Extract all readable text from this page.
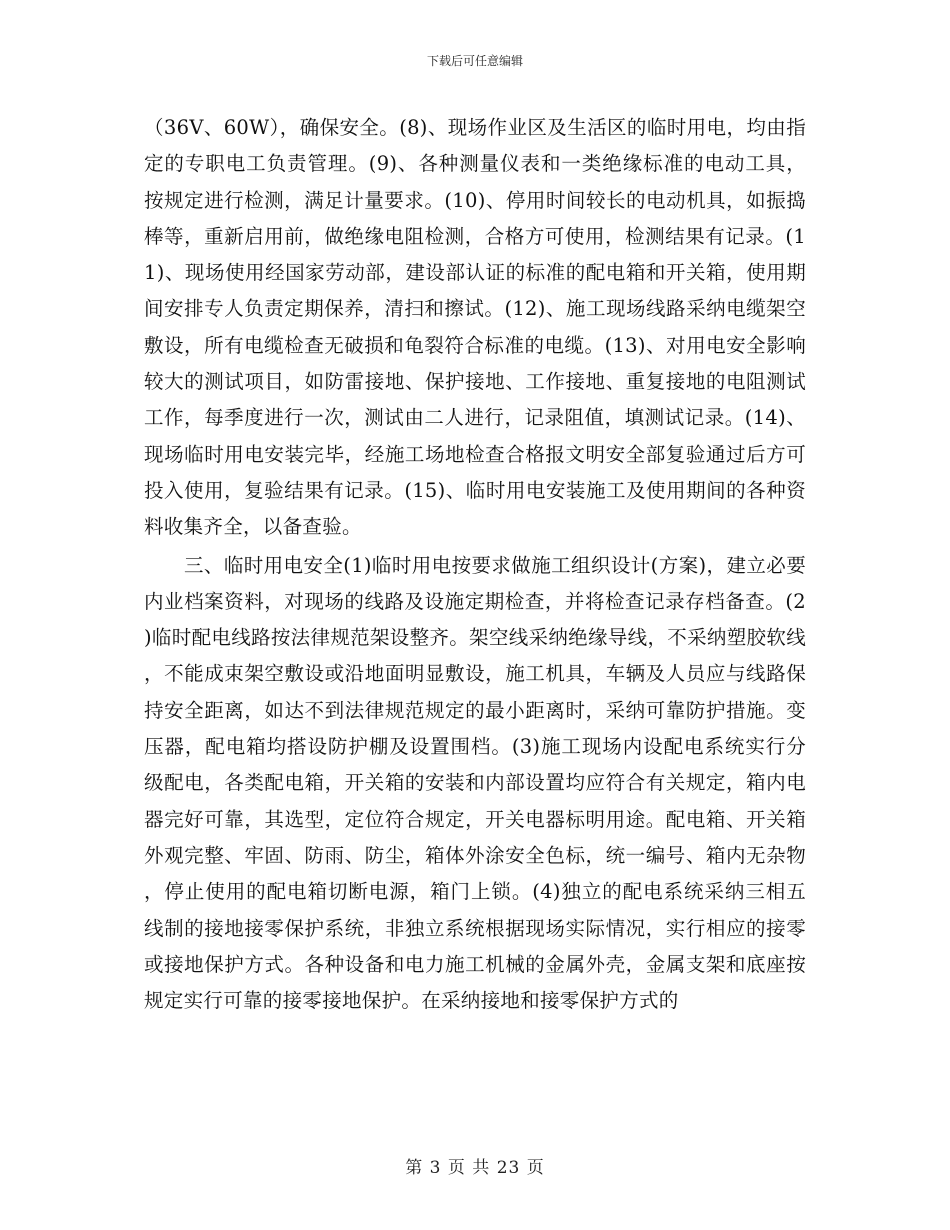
下载后可任意编辑

（36V、60W），确保安全。(8)、现场作业区及生活区的临时用电，均由指定的专职电工负责管理。(9)、各种测量仪表和一类绝缘标准的电动工具，按规定进行检测，满足计量要求。(10)、停用时间较长的电动机具，如振捣棒等，重新启用前，做绝缘电阻检测，合格方可使用，检测结果有记录。(11)、现场使用经国家劳动部，建设部认证的标准的配电箱和开关箱，使用期间安排专人负责定期保养，清扫和擦试。(12)、施工现场线路采纳电缆架空敷设，所有电缆检查无破损和龟裂符合标准的电缆。(13)、对用电安全影响较大的测试项目，如防雷接地、保护接地、工作接地、重复接地的电阻测试工作，每季度进行一次，测试由二人进行，记录阻值，填测试记录。(14)、现场临时用电安装完毕，经施工场地检查合格报文明安全部复验通过后方可投入使用，复验结果有记录。(15)、临时用电安装施工及使用期间的各种资料收集齐全，以备查验。

三、临时用电安全(1)临时用电按要求做施工组织设计(方案)，建立必要内业档案资料，对现场的线路及设施定期检查，并将检查记录存档备查。(2)临时配电线路按法律规范架设整齐。架空线采纳绝缘导线，不采纳塑胶软线，不能成束架空敷设或沿地面明显敷设，施工机具，车辆及人员应与线路保持安全距离，如达不到法律规范规定的最小距离时，采纳可靠防护措施。变压器，配电箱均搭设防护棚及设置围档。(3)施工现场内设配电系统实行分级配电，各类配电箱，开关箱的安装和内部设置均应符合有关规定，箱内电器完好可靠，其选型，定位符合规定，开关电器标明用途。配电箱、开关箱外观完整、牢固、防雨、防尘，箱体外涂安全色标，统一编号、箱内无杂物，停止使用的配电箱切断电源，箱门上锁。(4)独立的配电系统采纳三相五线制的接地接零保护系统，非独立系统根据现场实际情况，实行相应的接零或接地保护方式。各种设备和电力施工机械的金属外壳，金属支架和底座按规定实行可靠的接零接地保护。在采纳接地和接零保护方式的

第 3 页 共 23 页
